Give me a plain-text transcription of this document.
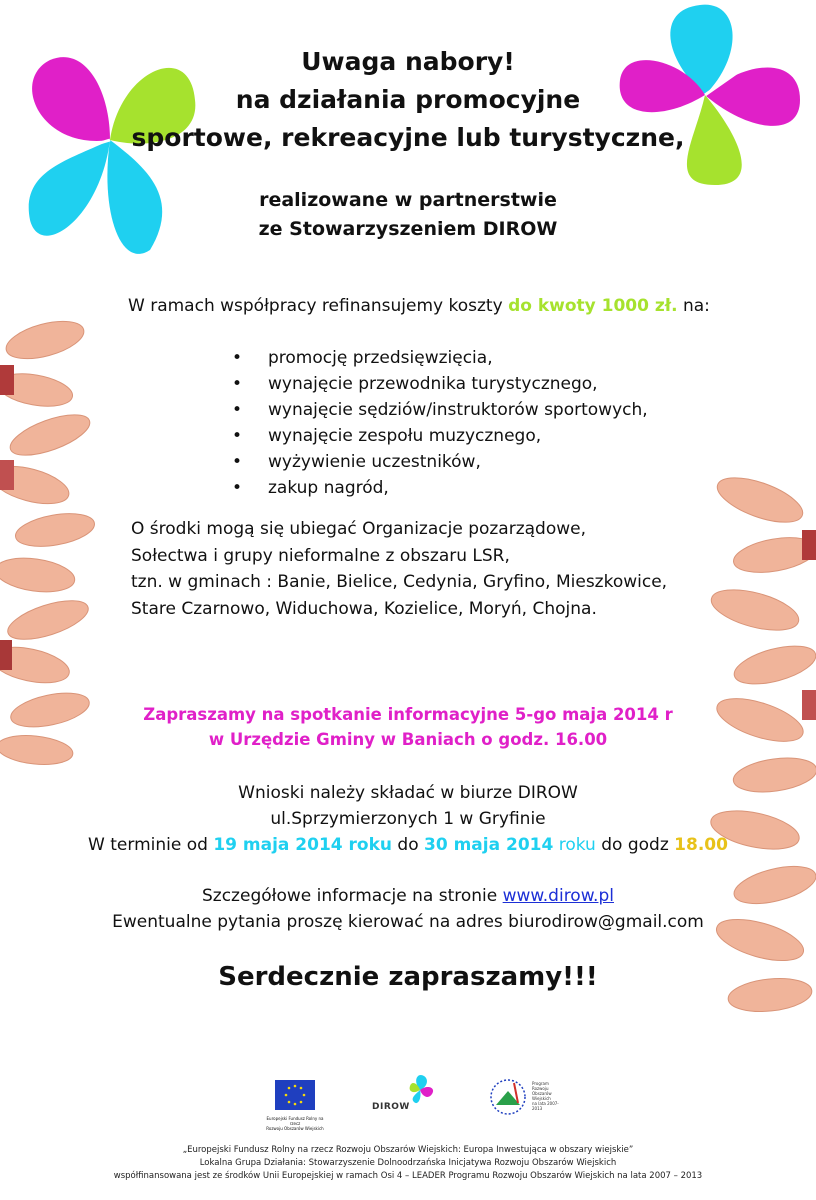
Uwaga nabory!
na działania promocyjne
sportowe, rekreacyjne lub turystyczne,
realizowane w partnerstwie
ze Stowarzyszeniem DIROW
W ramach współpracy refinansujemy koszty do kwoty 1000 zł. na:
• promocję przedsięwzięcia,
• wynajęcie przewodnika turystycznego,
• wynajęcie sędziów/instruktorów sportowych,
• wynajęcie zespołu muzycznego,
• wyżywienie uczestników,
• zakup nagród,
O środki mogą się ubiegać Organizacje pozarządowe,
Sołectwa i grupy nieformalne z obszaru LSR,
tzn. w gminach : Banie, Bielice, Cedynia, Gryfino, Mieszkowice,
Stare Czarnowo, Widuchowa, Kozielice, Moryń, Chojna.
Zapraszamy na spotkanie informacyjne 5-go maja 2014 r
w Urzędzie Gminy w Baniach o godz. 16.00
Wnioski należy składać w biurze DIROW
ul.Sprzymierzonych 1 w Gryfinie
W terminie od 19 maja 2014 roku do 30 maja 2014 roku do godz 18.00
Szczegółowe informacje na stronie www.dirow.pl
Ewentualne pytania proszę kierować na adres biurodirow@gmail.com
Serdecznie zapraszamy!!!
Europejski Fundusz Rolny na rzecz
Rozwoju Obszarów Wiejskich
DIROW
Program
Rozwoju
Obszarów
Wiejskich
na lata 2007-2013
„Europejski Fundusz Rolny na rzecz Rozwoju Obszarów Wiejskich: Europa Inwestująca w obszary wiejskie”
Lokalna Grupa Działania: Stowarzyszenie Dolnoodrzańska Inicjatywa Rozwoju Obszarów Wiejskich
współfinansowana jest ze środków Unii Europejskiej w ramach Osi 4 – LEADER Programu Rozwoju Obszarów Wiejskich na lata 2007 – 2013
